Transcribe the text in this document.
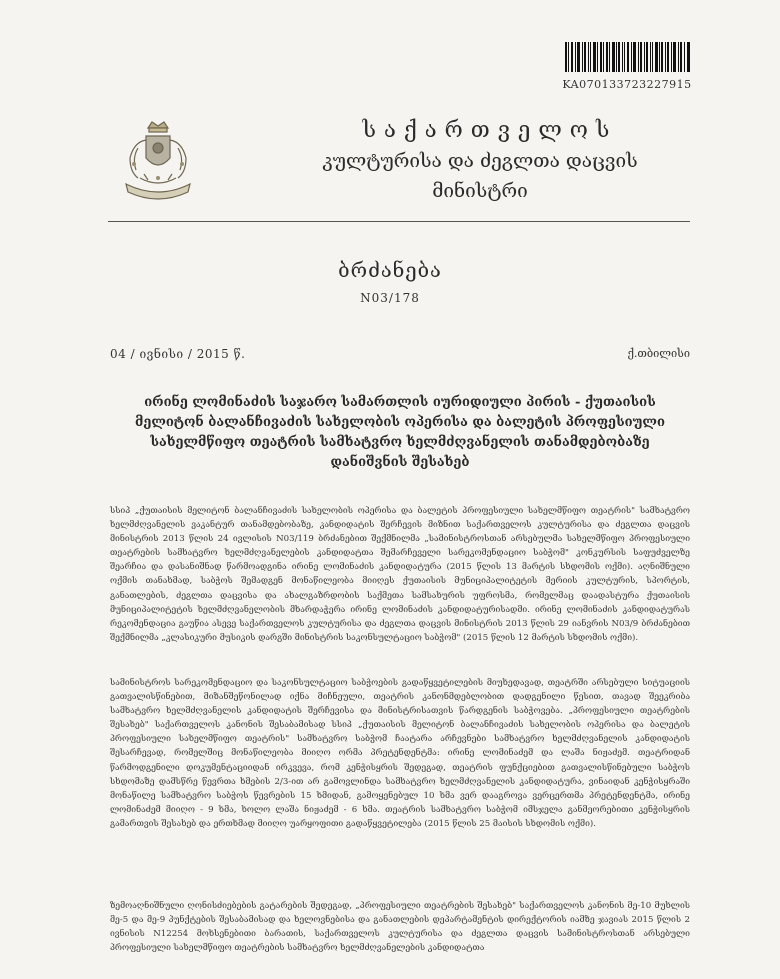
KA070133723227915
საქართველოს
კულტურისა და ძეგლთა დაცვის
მინისტრი
ბრძანება
N03/178
04 / ივნისი / 2015 წ.	ქ.თბილისი
ირინე ლომინაძის საჯარო სამართლის იურიდიული პირის - ქუთაისის მელიტონ ბალანჩივაძის სახელობის ოპერისა და ბალეტის პროფესიული სახელმწიფო თეატრის სამხატვრო ხელმძღვანელის თანამდებობაზე დანიშვნის შესახებ
სსიპ „ქუთაისის მელიტონ ბალანჩივაძის სახელობის ოპერისა და ბალეტის პროფესიული სახელმწიფო თეატრის" სამხატვრო ხელმძღვანელის ვაკანტურ თანამდებობაზე, კანდიდატის შერჩევის მიზნით საქართველოს კულტურისა და ძეგლთა დაცვის მინისტრის 2013 წლის 24 ივლისის N03/119 ბრძანებით შექმნილმა „სამინისტროსთან არსებულმა სახელმწიფო პროფესიული თეატრების სამხატვრო ხელმძღვანელების კანდიდატთა შემარჩეველი სარეკომენდაციო საბჭომ" კონკურსის საფუძველზე შეარჩია და დასანიშნად წარმოადგინა ირინე ლომინაძის კანდიდატურა (2015 წლის 13 მარტის სხდომის ოქმი). აღნიშნული ოქმის თანახმად, საბჭოს შემადგენ მონაწილეობა მიიღეს ქუთაისის მუნიციპალიტეტის მერიის კულტურის, სპორტის, განათლების, ძეგლთა დაცვისა და ახალგაზრდობის საქმეთა სამსახურის უფროსმა, რომელმაც დაადასტურა ქუთაისის მუნიციპალიტეტის ხელმძღვანელობის მხარდაჭერა ირინე ლომინაძის კანდიდატურისადმი. ირინე ლომინაძის კანდიდატურას რეკომენდაცია გაუწია ასევე საქართველოს კულტურისა და ძეგლთა დაცვის მინისტრის 2013 წლის 29 იანვრის N03/9 ბრძანებით შექმნილმა „კლასიკური მუსიკის დარგში მინისტრის საკონსულტაციო საბჭომ" (2015 წლის 12 მარტის სხდომის ოქმი).
სამინისტროს სარეკომენდაციო და საკონსულტაციო საბჭოების გადაწყვეტილების მიუხედავად, თეატრში არსებული სიტუაციის გათვალისწინებით, მიზანშეწონილად იქნა მიჩნეული, თეატრის კანონმდებლობით დადგენილი წესით, თავად შეეკრიბა სამხატვრო ხელმძღვანელის კანდიდატის შერჩევისა და მინისტრისათვის წარდგენის საბჭოვება. „პროფესიული თეატრების შესახებ" საქართველოს კანონის შესაბამისად სსიპ „ქუთაისის მელიტონ ბალანჩივაძის სახელობის ოპერისა და ბალეტის პროფესიული სახელმწიფო თეატრის" სამხატვრო საბჭომ ჩაატარა არჩევნები სამხატვრო ხელმძღვანელის კანდიდატის შესარჩევად, რომელშიც მონაწილეობა მიიღო ორმა პრეტენდენტმა: ირინე ლომინაძემ და ლაშა ნიჟაძემ. თეატრიდან წარმოდგენილი დოკუმენტაციიდან ირკვევა, რომ კენჭისყრის შედეგად, თეატრის ფუნქციებით გათვალისწინებული საბჭოს სხდომაზე დამსწრე წევრთა ხმების 2/3-ით არ გამოვლინდა სამხატვრო ხელმძღვანელის კანდიდატურა, ვინაიდან კენჭისყრაში მონაწილე სამხატვრო საბჭოს წევრების 15 ხმიდან, გამოყენებულ 10 ხმა ვერ დააგროვა ვერცერთმა პრეტენდენტმა, ირინე ლომინაძემ მიიღო - 9 ხმა, ხოლო ლაშა ნიჟაძემ - 6 ხმა. თეატრის სამხატვრო საბჭომ იმსჯელა განმეორებითი კენჭისყრის გამართვის შესახებ და ერთხმად მიიღო უარყოფითი გადაწყვეტილება (2015 წლის 25 მაისის სხდომის ოქმი).
ზემოაღნიშნული ღონისძიებების გატარების შედეგად, „პროფესიული თეატრების შესახებ" საქართველოს კანონის მე-10 მუხლის მე-5 და მე-9 პუნქტების შესაბამისად და ხელოვნებისა და განათლების დეპარტამენტის დირექტორის იამზე ჯავიას 2015 წლის 2 ივნისის N12254 მოხსენებითი ბარათის, საქართველოს კულტურისა და ძეგლთა დაცვის სამინისტროსთან არსებული პროფესიული სახელმწიფო თეატრების სამხატვრო ხელმძღვანელების კანდიდატთა
